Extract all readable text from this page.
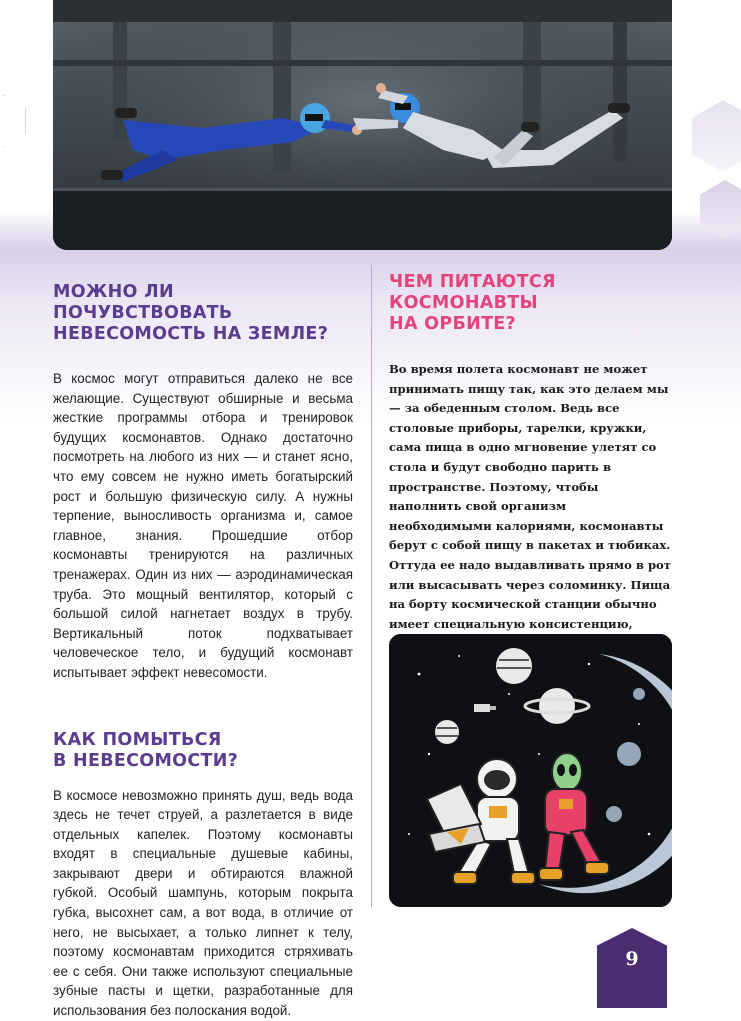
МОЖНО ЛИ ПОЧУВСТВОВАТЬ
НЕВЕСОМОСТЬ НА ЗЕМЛЕ?

В космос могут отправиться далеко не все желающие. Существуют обширные и весьма жесткие программы отбора и тренировок будущих космонавтов. Однако достаточно посмотреть на любого из них — и станет ясно, что ему совсем не нужно иметь богатырский рост и большую физическую силу. А нужны терпение, выносливость организма и, самое главное, знания. Прошедшие отбор космонавты тренируются на различных тренажерах. Один из них — аэродинамическая труба. Это мощный вентилятор, который с большой силой нагнетает воздух в трубу. Вертикальный поток подхватывает человеческое тело, и будущий космонавт испытывает эффект невесомости.

КАК ПОМЫТЬСЯ
В НЕВЕСОМОСТИ?

В космосе невозможно принять душ, ведь вода здесь не течет струей, а разлетается в виде отдельных капелек. Поэтому космонавты входят в специальные душевые кабины, закрывают двери и обтираются влажной губкой. Особый шампунь, которым покрыта губка, высохнет сам, а вот вода, в отличие от него, не высыхает, а только липнет к телу, поэтому космонавтам приходится стряхивать ее с себя. Они также используют специальные зубные пасты и щетки, разработанные для использования без полоскания водой.

ЧЕМ ПИТАЮТСЯ КОСМОНАВТЫ
НА ОРБИТЕ?

Во время полета космонавт не может принимать пищу так, как это делаем мы — за обеденным столом. Ведь все столовые приборы, тарелки, кружки, сама пища в одно мгновение улетят со стола и будут свободно парить в пространстве. Поэтому, чтобы наполнить свой организм необходимыми калориями, космонавты берут с собой пищу в пакетах и тюбиках. Оттуда ее надо выдавливать прямо в рот или высасывать через соломинку. Пища на борту космической станции обычно имеет специальную консистенцию,

9
